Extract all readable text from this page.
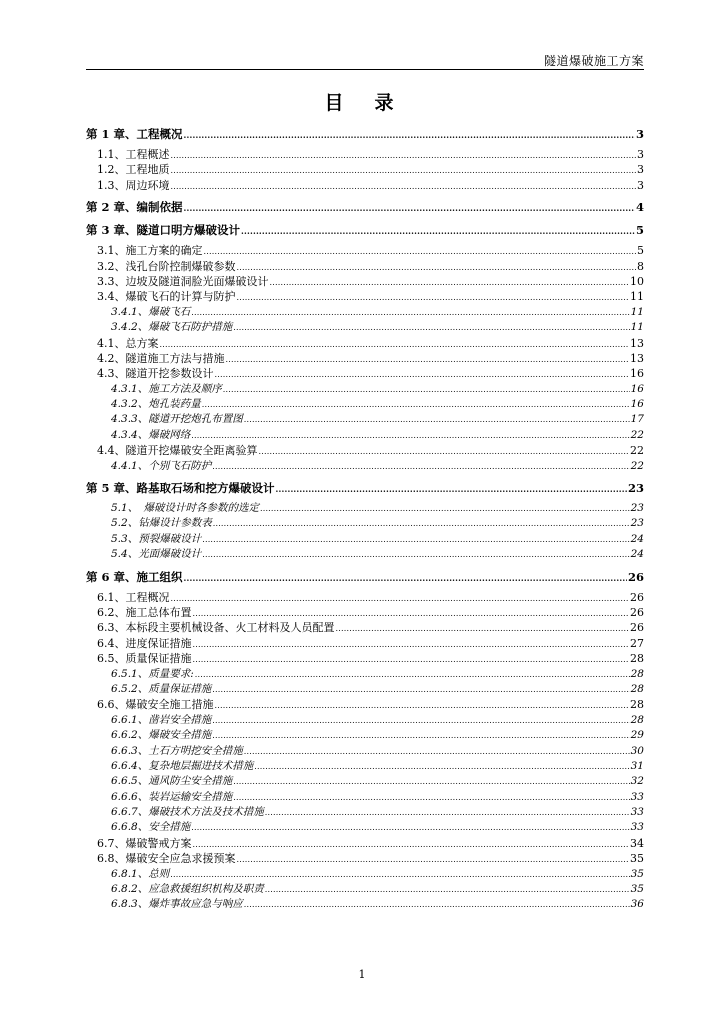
隧道爆破施工方案
目　录
第 1 章、工程概况 .....	3
1.1、工程概述 .....	3
1.2、工程地质 .....	3
1.3、周边环境 .....	3
第 2 章、编制依据 .....	4
第 3 章、隧道口明方爆破设计 .....	5
3.1、施工方案的确定 .....	5
3.2、浅孔台阶控制爆破参数 .....	8
3.3、边坡及隧道洞脸光面爆破设计 .....	10
3.4、爆破飞石的计算与防护 .....	11
3.4.1、爆破飞石 .....	11
3.4.2、爆破飞石防护措施 .....	11
4.1、总方案 .....	13
4.2、隧道施工方法与措施 .....	13
4.3、隧道开挖参数设计 .....	16
4.3.1、施工方法及顺序 .....	16
4.3.2、炮孔装药量 .....	16
4.3.3、隧道开挖炮孔布置图 .....	17
4.3.4、爆破网络 .....	22
4.4、隧道开挖爆破安全距离验算 .....	22
4.4.1、个别飞石防护 .....	22
第 5 章、路基取石场和挖方爆破设计 .....	23
5.1、　爆破设计时各参数的选定 .....	23
5.2、钻爆设计参数表 .....	23
5.3、预裂爆破设计 .....	24
5.4、光面爆破设计 .....	24
第 6 章、施工组织 .....	26
6.1、工程概况 .....	26
6.2、施工总体布置 .....	26
6.3、本标段主要机械设备、火工材料及人员配置 .....	26
6.4、进度保证措施 .....	27
6.5、质量保证措施 .....	28
6.5.1、质量要求: .....	28
6.5.2、质量保证措施 .....	28
6.6、爆破安全施工措施 .....	28
6.6.1、凿岩安全措施 .....	28
6.6.2、爆破安全措施 .....	29
6.6.3、土石方明挖安全措施 .....	30
6.6.4、复杂地层掘进技术措施 .....	31
6.6.5、通风防尘安全措施 .....	32
6.6.6、装岩运输安全措施 .....	33
6.6.7、爆破技术方法及技术措施 .....	33
6.6.8、安全措施 .....	33
6.7、爆破警戒方案 .....	34
6.8、爆破安全应急求援预案 .....	35
6.8.1、总则 .....	35
6.8.2、应急救援组织机构及职责 .....	35
6.8.3、爆炸事故应急与响应 .....	36
1
